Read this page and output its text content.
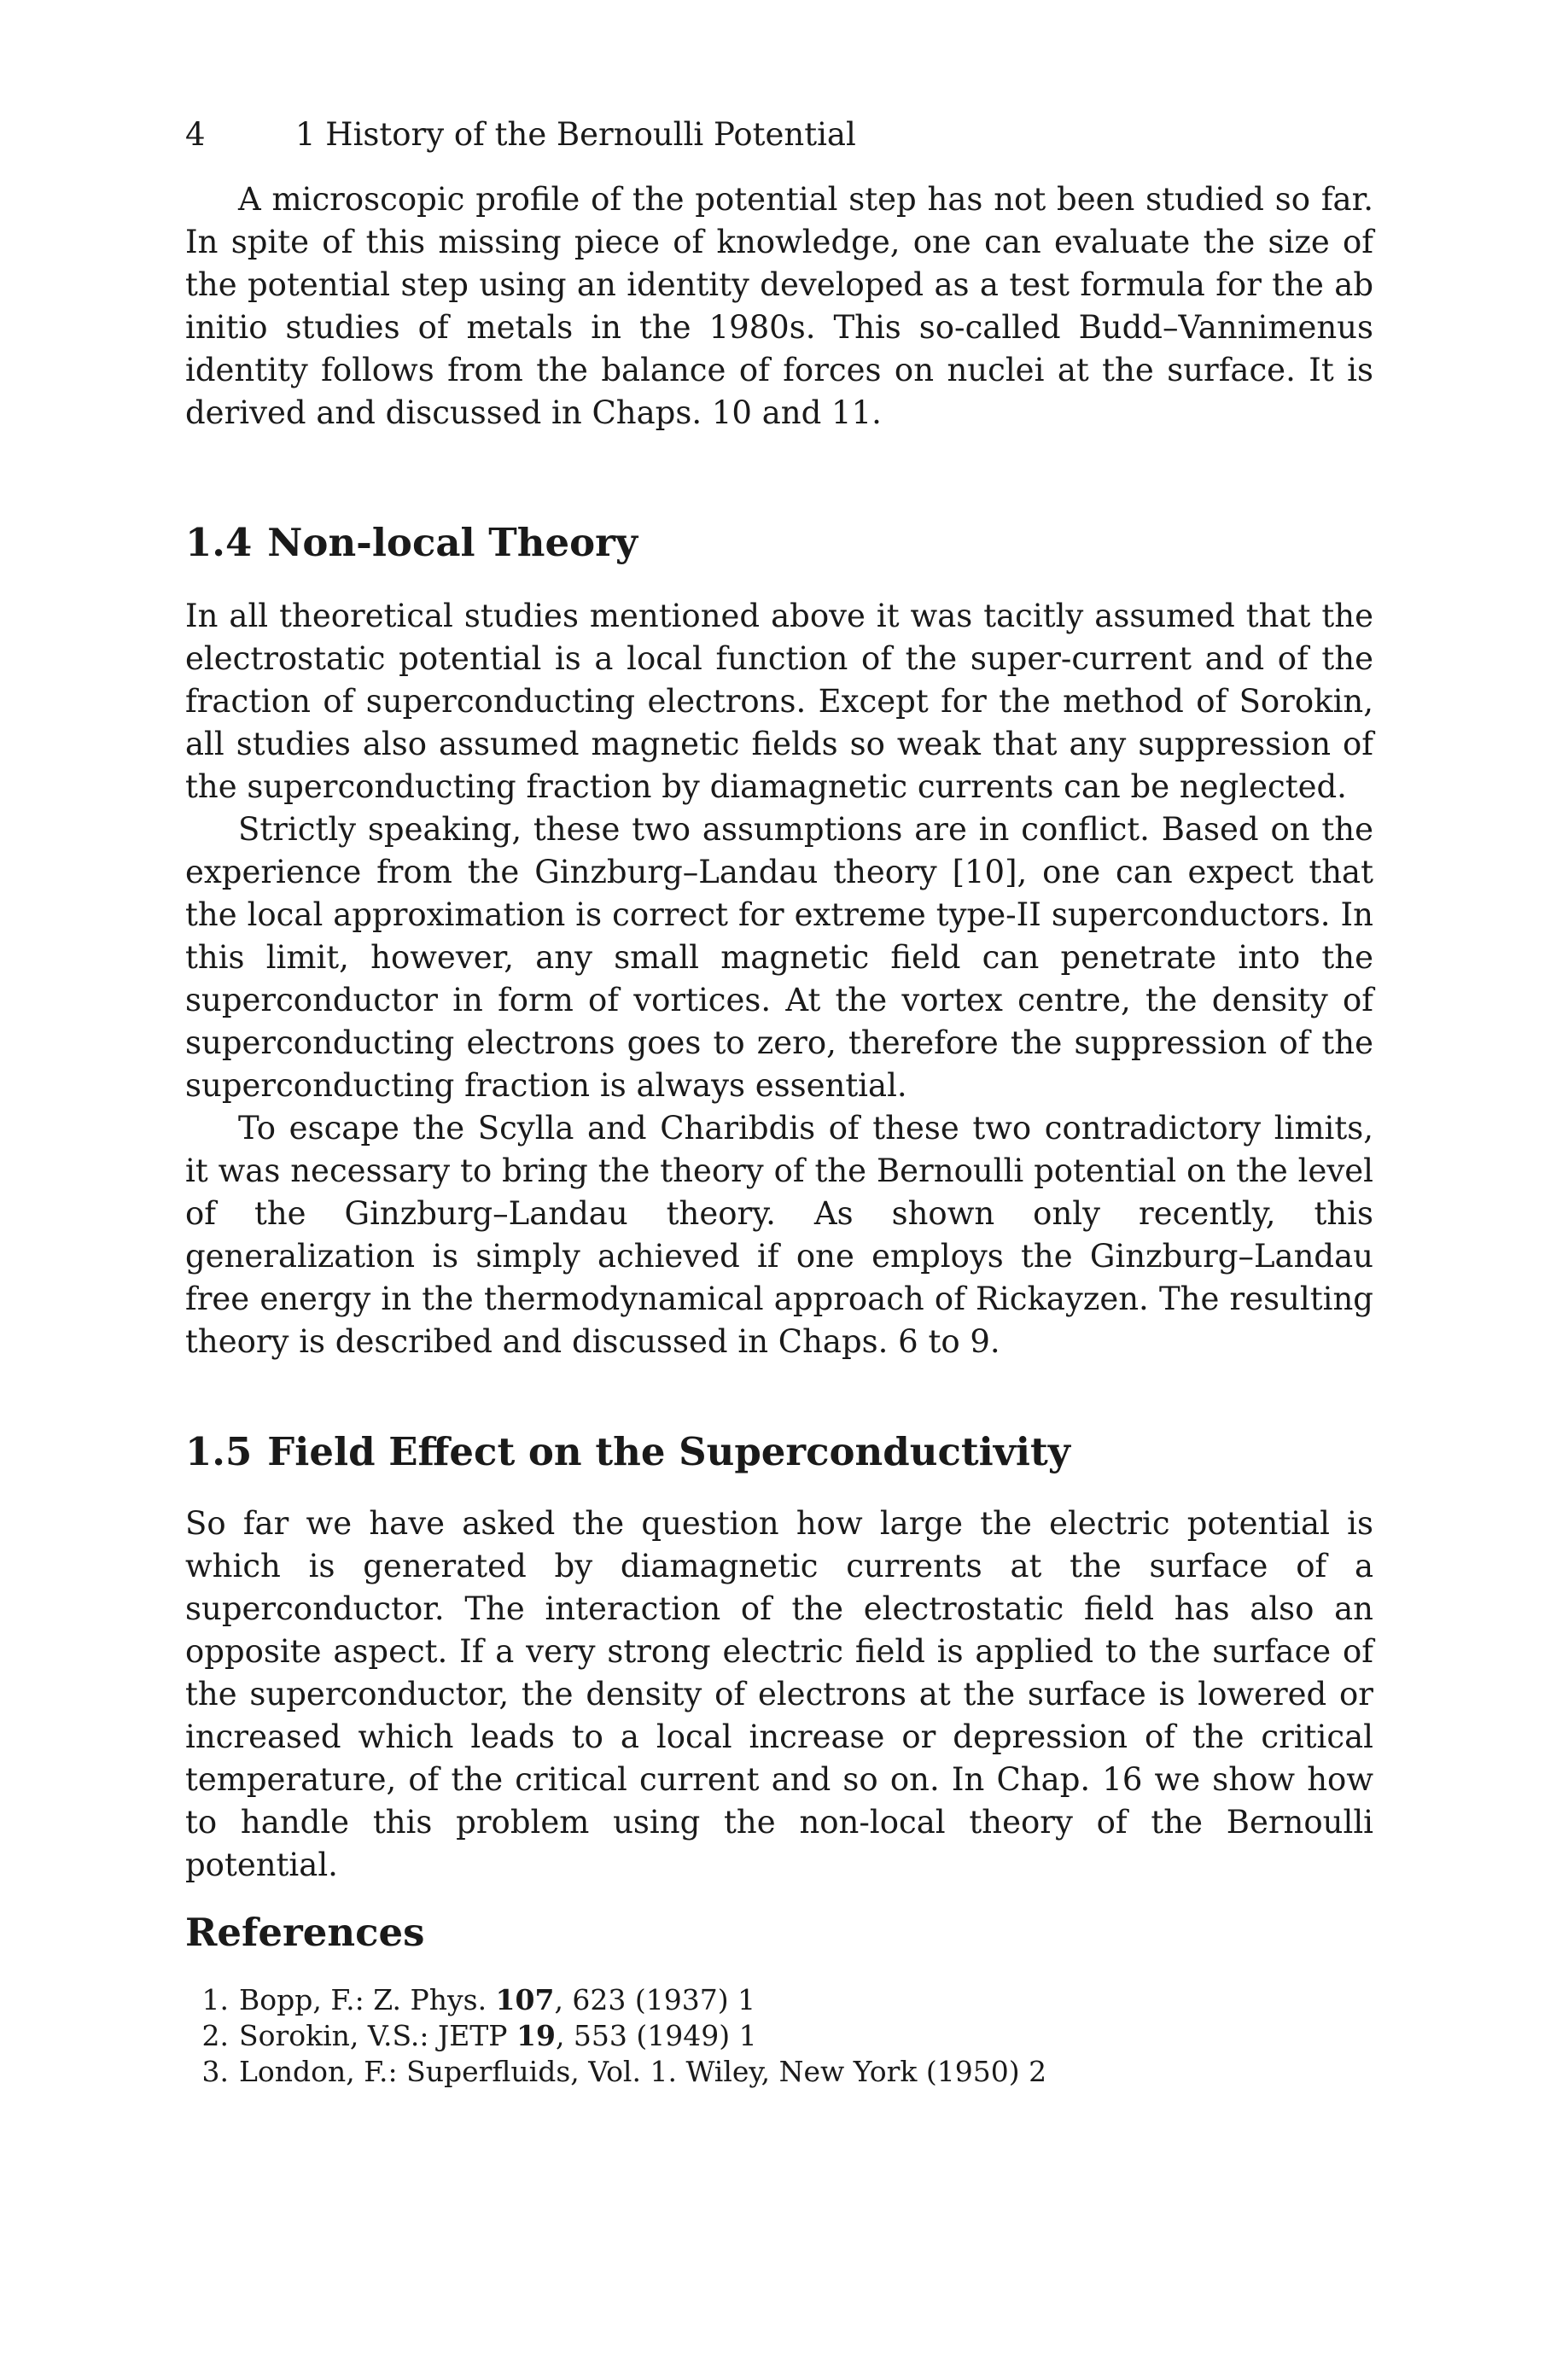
4	1 History of the Bernoulli Potential

A microscopic profile of the potential step has not been studied so far. In spite of this missing piece of knowledge, one can evaluate the size of the potential step using an identity developed as a test formula for the ab initio studies of metals in the 1980s. This so-called Budd–Vannimenus identity follows from the balance of forces on nuclei at the surface. It is derived and discussed in Chaps. 10 and 11.

1.4 Non-local Theory

In all theoretical studies mentioned above it was tacitly assumed that the electrostatic potential is a local function of the super-current and of the fraction of superconducting electrons. Except for the method of Sorokin, all studies also assumed magnetic fields so weak that any suppression of the superconducting fraction by diamagnetic currents can be neglected.

Strictly speaking, these two assumptions are in conflict. Based on the experience from the Ginzburg–Landau theory [10], one can expect that the local approximation is correct for extreme type-II superconductors. In this limit, however, any small magnetic field can penetrate into the superconductor in form of vortices. At the vortex centre, the density of superconducting electrons goes to zero, therefore the suppression of the superconducting fraction is always essential.

To escape the Scylla and Charibdis of these two contradictory limits, it was necessary to bring the theory of the Bernoulli potential on the level of the Ginzburg–Landau theory. As shown only recently, this generalization is simply achieved if one employs the Ginzburg–Landau free energy in the thermodynamical approach of Rickayzen. The resulting theory is described and discussed in Chaps. 6 to 9.

1.5 Field Effect on the Superconductivity

So far we have asked the question how large the electric potential is which is generated by diamagnetic currents at the surface of a superconductor. The interaction of the electrostatic field has also an opposite aspect. If a very strong electric field is applied to the surface of the superconductor, the density of electrons at the surface is lowered or increased which leads to a local increase or depression of the critical temperature, of the critical current and so on. In Chap. 16 we show how to handle this problem using the non-local theory of the Bernoulli potential.

References
1. Bopp, F.: Z. Phys. 107, 623 (1937) 1
2. Sorokin, V.S.: JETP 19, 553 (1949) 1
3. London, F.: Superfluids, Vol. 1. Wiley, New York (1950) 2
